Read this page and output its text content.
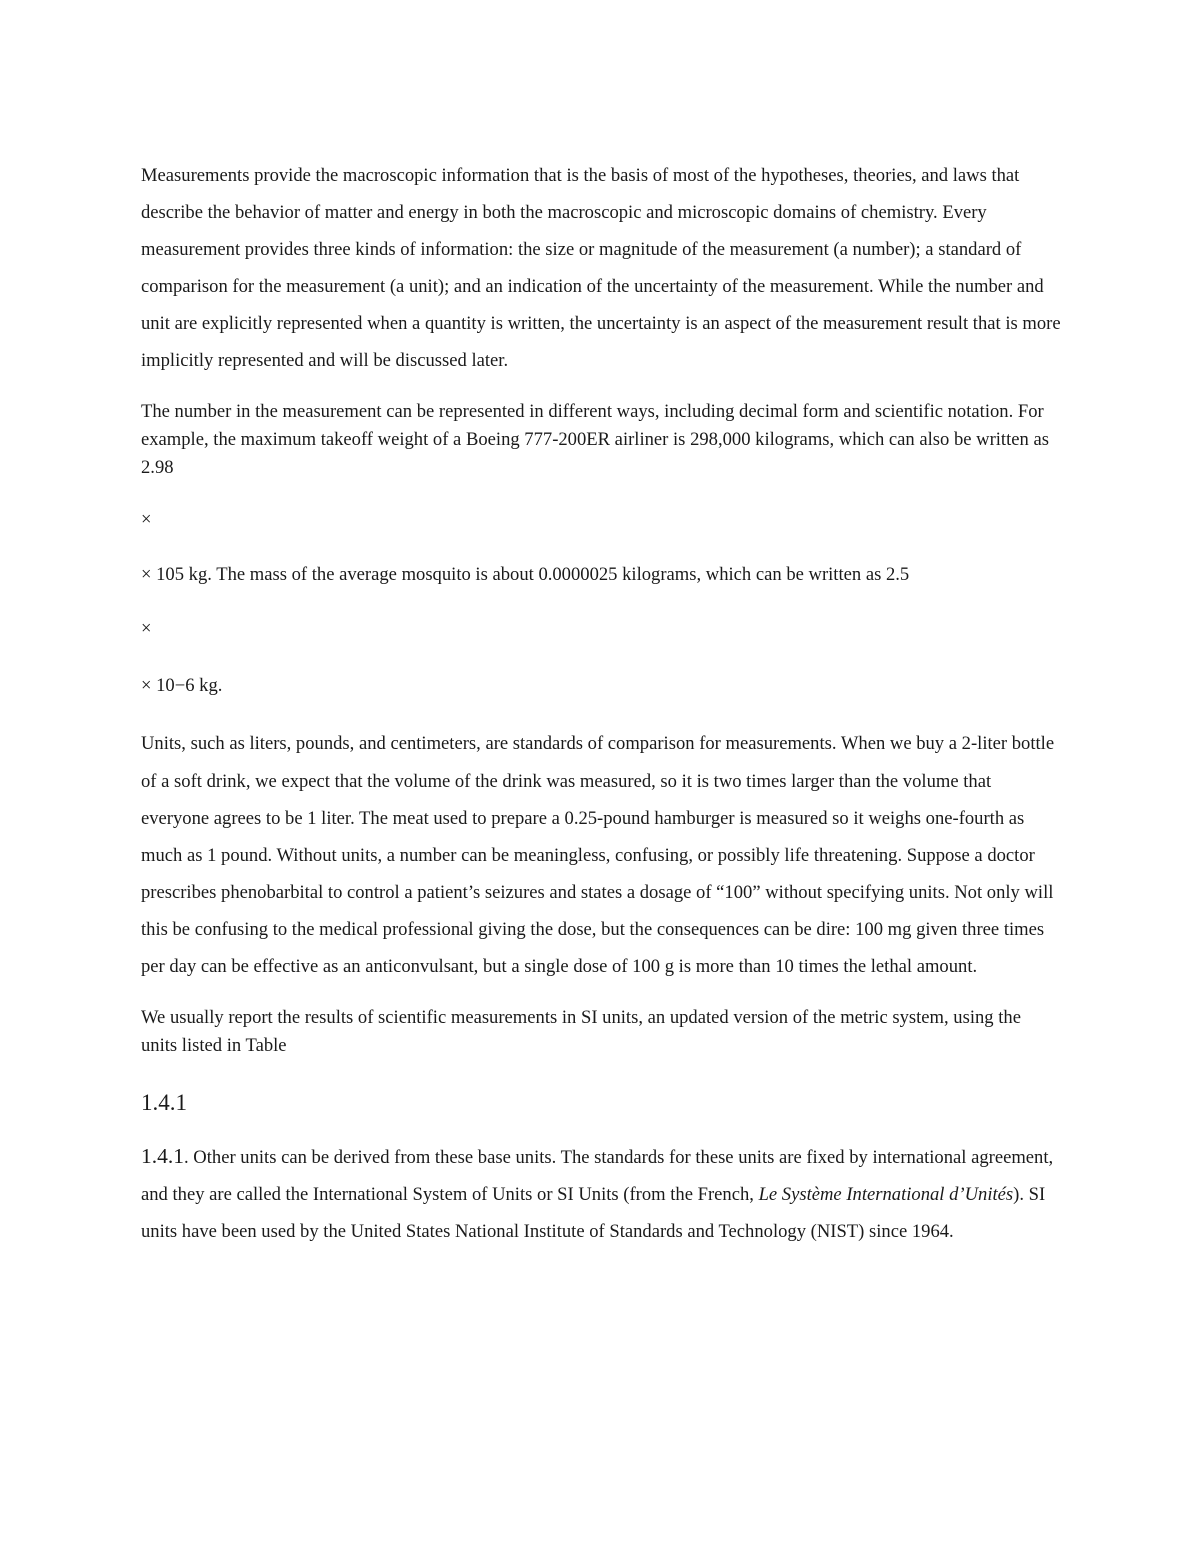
Measurements provide the macroscopic information that is the basis of most of the hypotheses, theories, and laws that describe the behavior of matter and energy in both the macroscopic and microscopic domains of chemistry. Every measurement provides three kinds of information: the size or magnitude of the measurement (a number); a standard of comparison for the measurement (a unit); and an indication of the uncertainty of the measurement. While the number and unit are explicitly represented when a quantity is written, the uncertainty is an aspect of the measurement result that is more implicitly represented and will be discussed later.

The number in the measurement can be represented in different ways, including decimal form and scientific notation. For example, the maximum takeoff weight of a Boeing 777-200ER airliner is 298,000 kilograms, which can also be written as 2.98

×

× 105 kg. The mass of the average mosquito is about 0.0000025 kilograms, which can be written as 2.5

×

× 10−6 kg.

Units, such as liters, pounds, and centimeters, are standards of comparison for measurements. When we buy a 2-liter bottle of a soft drink, we expect that the volume of the drink was measured, so it is two times larger than the volume that everyone agrees to be 1 liter. The meat used to prepare a 0.25-pound hamburger is measured so it weighs one-fourth as much as 1 pound. Without units, a number can be meaningless, confusing, or possibly life threatening. Suppose a doctor prescribes phenobarbital to control a patient’s seizures and states a dosage of “100” without specifying units. Not only will this be confusing to the medical professional giving the dose, but the consequences can be dire: 100 mg given three times per day can be effective as an anticonvulsant, but a single dose of 100 g is more than 10 times the lethal amount.

We usually report the results of scientific measurements in SI units, an updated version of the metric system, using the units listed in Table

1.4.1

1.4.1. Other units can be derived from these base units. The standards for these units are fixed by international agreement, and they are called the International System of Units or SI Units (from the French, Le Système International d’Unités). SI units have been used by the United States National Institute of Standards and Technology (NIST) since 1964.
